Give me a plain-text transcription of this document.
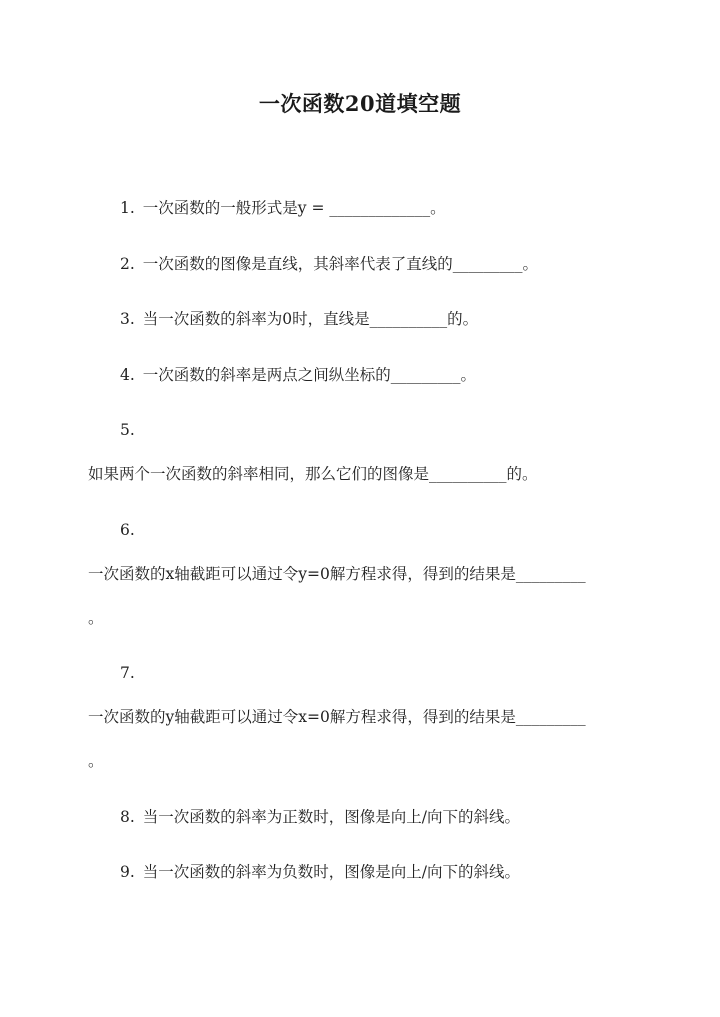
一次函数20道填空题
1. 一次函数的一般形式是y = _____________。
2. 一次函数的图像是直线，其斜率代表了直线的_________。
3. 当一次函数的斜率为0时，直线是__________的。
4. 一次函数的斜率是两点之间纵坐标的_________。
5.
如果两个一次函数的斜率相同，那么它们的图像是__________的。
6.
一次函数的x轴截距可以通过令y=0解方程求得，得到的结果是_________
。
7.
一次函数的y轴截距可以通过令x=0解方程求得，得到的结果是_________
。
8. 当一次函数的斜率为正数时，图像是向上/向下的斜线。
9. 当一次函数的斜率为负数时，图像是向上/向下的斜线。
